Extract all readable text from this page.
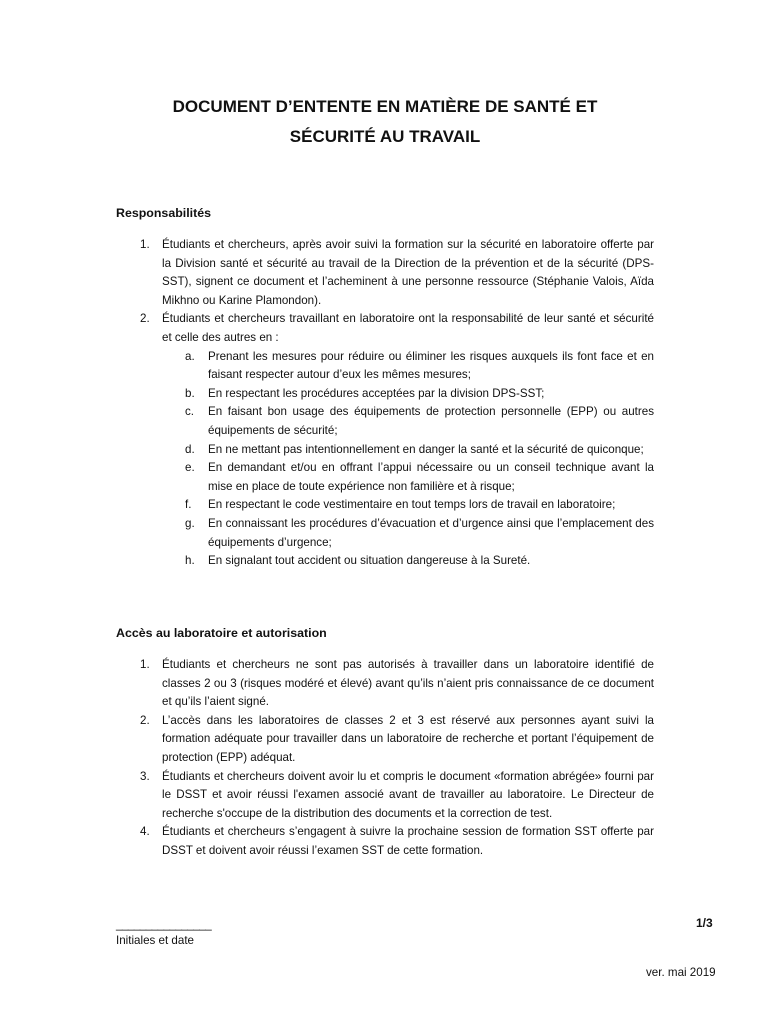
DOCUMENT D’ENTENTE EN MATIÈRE DE SANTÉ ET
SÉCURITÉ AU TRAVAIL
Responsabilités
1. Étudiants et chercheurs, après avoir suivi la formation sur la sécurité en laboratoire offerte par la Division santé et sécurité au travail de la Direction de la prévention et de la sécurité (DPS-SST), signent ce document et l’acheminent à une personne ressource (Stéphanie Valois, Aïda Mikhno ou Karine Plamondon).
2. Étudiants et chercheurs travaillant en laboratoire ont la responsabilité de leur santé et sécurité et celle des autres en :
a. Prenant les mesures pour réduire ou éliminer les risques auxquels ils font face et en faisant respecter autour d’eux les mêmes mesures;
b. En respectant les procédures acceptées par la division DPS-SST;
c. En faisant bon usage des équipements de protection personnelle (EPP) ou autres équipements de sécurité;
d. En ne mettant pas intentionnellement en danger la santé et la sécurité de quiconque;
e. En demandant et/ou en offrant l’appui nécessaire ou un conseil technique avant la mise en place de toute expérience non familière et à risque;
f. En respectant le code vestimentaire en tout temps lors de travail en laboratoire;
g. En connaissant les procédures d’évacuation et d’urgence ainsi que l’emplacement des équipements d’urgence;
h. En signalant tout accident ou situation dangereuse à la Sureté.
Accès au laboratoire et autorisation
1. Étudiants et chercheurs ne sont pas autorisés à travailler dans un laboratoire identifié de classes 2 ou 3 (risques modéré et élevé) avant qu’ils n’aient pris connaissance de ce document et qu’ils l’aient signé.
2. L’accès dans les laboratoires de classes 2 et 3 est réservé aux personnes ayant suivi la formation adéquate pour travailler dans un laboratoire de recherche et portant l’équipement de protection (EPP) adéquat.
3. Étudiants et chercheurs doivent avoir lu et compris le document «formation abrégée» fourni par le DSST et avoir réussi l'examen associé avant de travailler au laboratoire. Le Directeur de recherche s'occupe de la distribution des documents et la correction de test.
4. Étudiants et chercheurs s’engagent à suivre la prochaine session de formation SST offerte par DSST et doivent avoir réussi l’examen SST de cette formation.
________________
Initiales et date
1/3
ver. mai 2019
